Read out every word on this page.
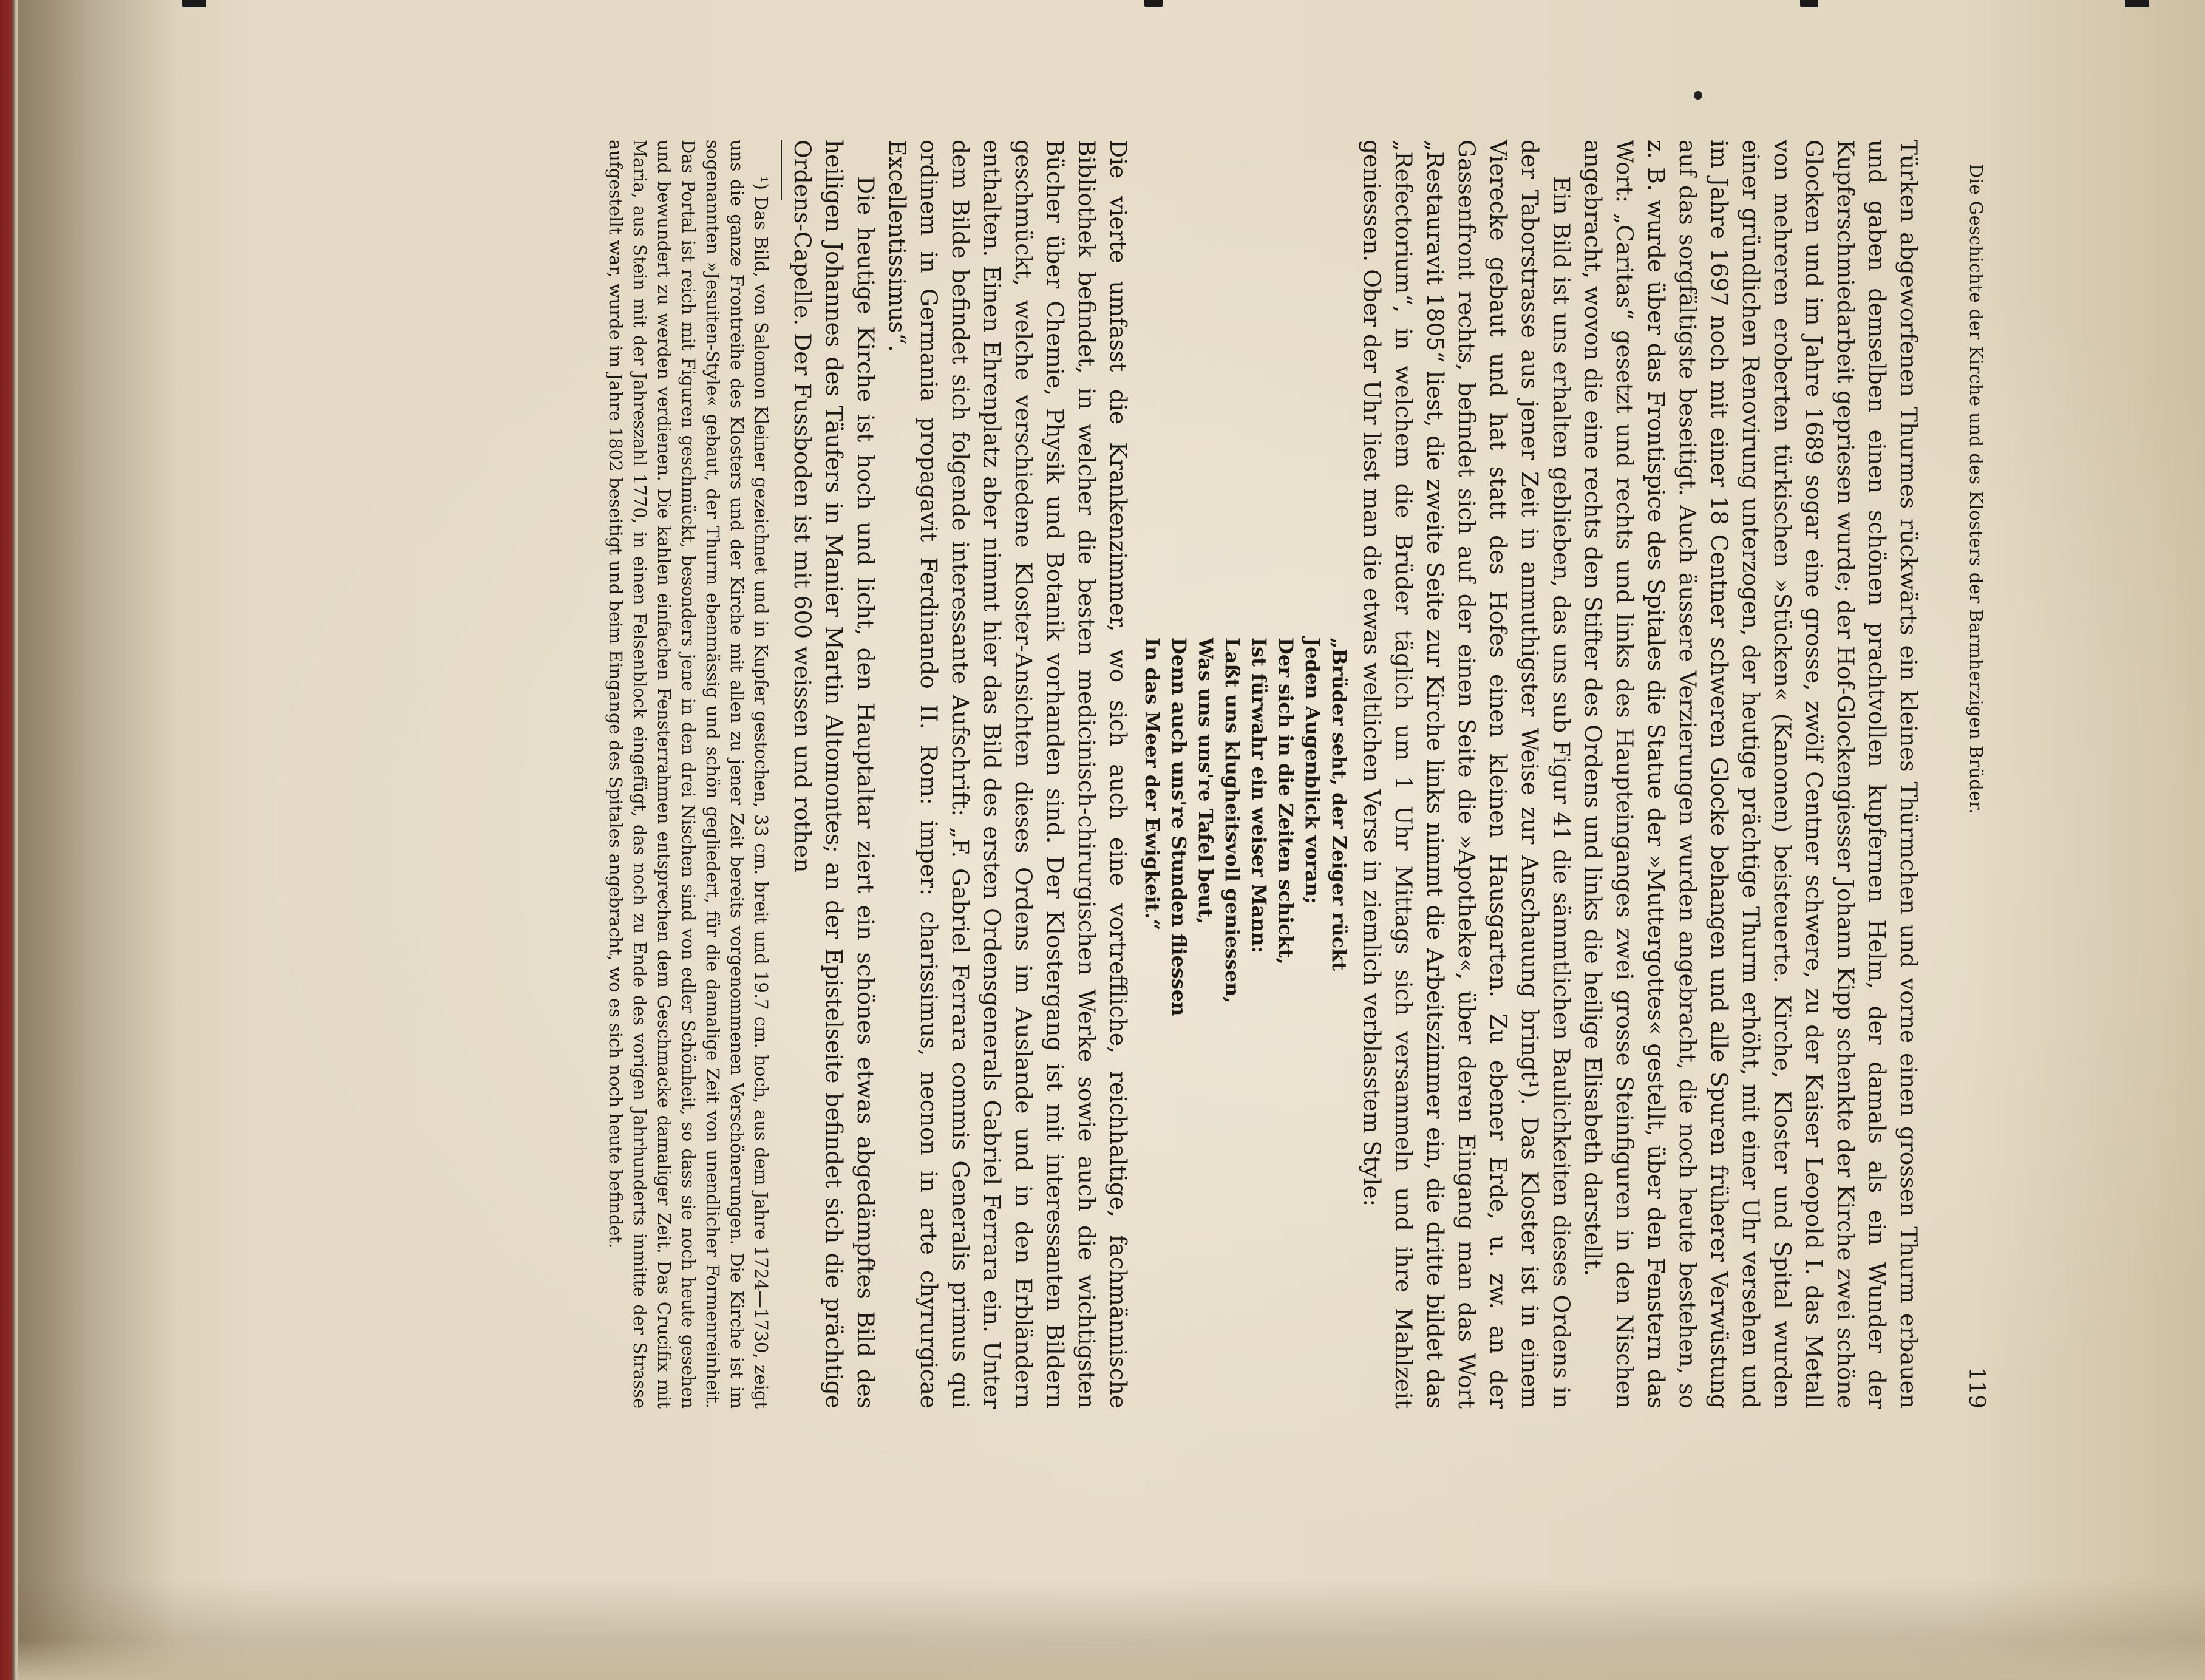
Die Geschichte der Kirche und des Klosters der Barmherzigen Brüder.
119

Türken abgeworfenen Thurmes rückwärts ein kleines Thürmchen und vorne einen grossen Thurm erbauen und gaben demselben einen schönen prachtvollen kupfernen Helm, der damals als ein Wunder der Kupferschmiedarbeit gepriesen wurde; der Hof-Glockengiesser Johann Kipp schenkte der Kirche zwei schöne Glocken und im Jahre 1689 sogar eine grosse, zwölf Centner schwere, zu der Kaiser Leopold I. das Metall von mehreren eroberten türkischen »Stücken« (Kanonen) beisteuerte. Kirche, Kloster und Spital wurden einer gründlichen Renovirung unterzogen, der heutige prächtige Thurm erhöht, mit einer Uhr versehen und im Jahre 1697 noch mit einer 18 Centner schweren Glocke behangen und alle Spuren früherer Verwüstung auf das sorgfältigste beseitigt. Auch äussere Verzierungen wurden angebracht, die noch heute bestehen, so z. B. wurde über das Frontispice des Spitales die Statue der »Muttergottes« gestellt, über den Fenstern das Wort: „Caritas“ gesetzt und rechts und links des Haupteinganges zwei grosse Steinfiguren in den Nischen angebracht, wovon die eine rechts den Stifter des Ordens und links die heilige Elisabeth darstellt.

Ein Bild ist uns erhalten geblieben, das uns sub Figur 41 die sämmtlichen Baulichkeiten dieses Ordens in der Taborstrasse aus jener Zeit in anmuthigster Weise zur Anschauung bringt¹). Das Kloster ist in einem Vierecke gebaut und hat statt des Hofes einen kleinen Hausgarten. Zu ebener Erde, u. zw. an der Gassenfront rechts, befindet sich auf der einen Seite die »Apotheke«, über deren Eingang man das Wort „Restauravit 1805“ liest, die zweite Seite zur Kirche links nimmt die Arbeitszimmer ein, die dritte bildet das „Refectorium“, in welchem die Brüder täglich um 1 Uhr Mittags sich versammeln und ihre Mahlzeit geniessen. Ober der Uhr liest man die etwas weltlichen Verse in ziemlich verblasstem Style:

„Brüder seht, der Zeiger rückt
Jeden Augenblick voran;
Der sich in die Zeiten schickt,
Ist fürwahr ein weiser Mann:
Laßt uns klugheitsvoll geniessen,
Was uns uns're Tafel beut,
Denn auch uns're Stunden fliessen
In das Meer der Ewigkeit.“

Die vierte umfasst die Krankenzimmer, wo sich auch eine vortreffliche, reichhaltige, fachmännische Bibliothek befindet, in welcher die besten medicinisch-chirurgischen Werke sowie auch die wichtigsten Bücher über Chemie, Physik und Botanik vorhanden sind. Der Klostergang ist mit interessanten Bildern geschmückt, welche verschiedene Kloster-Ansichten dieses Ordens im Auslande und in den Erbländern enthalten. Einen Ehrenplatz aber nimmt hier das Bild des ersten Ordensgenerals Gabriel Ferrara ein. Unter dem Bilde befindet sich folgende interessante Aufschrift: „F. Gabriel Ferrara commis Generalis primus qui ordinem in Germania propagavit Ferdinando II. Rom: imper: charissimus, necnon in arte chyrurgicae Excellentissimus“.

Die heutige Kirche ist hoch und licht, den Hauptaltar ziert ein schönes etwas abgedämpftes Bild des heiligen Johannes des Täufers in Manier Martin Altomontes; an der Epistelseite befindet sich die prächtige Ordens-Capelle. Der Fussboden ist mit 600 weissen und rothen

¹) Das Bild, von Salomon Kleiner gezeichnet und in Kupfer gestochen, 33 cm. breit und 19.7 cm. hoch, aus dem Jahre 1724—1730, zeigt uns die ganze Frontreihe des Klosters und der Kirche mit allen zu jener Zeit bereits vorgenommenen Verschönerungen. Die Kirche ist im sogenannten »Jesuiten-Style« gebaut, der Thurm ebenmässig und schön gegliedert, für die damalige Zeit von unendlicher Formenreinheit. Das Portal ist reich mit Figuren geschmückt, besonders jene in den drei Nischen sind von edler Schönheit, so dass sie noch heute gesehen und bewundert zu werden verdienen. Die kahlen einfachen Fensterrahmen entsprechen dem Geschmacke damaliger Zeit. Das Crucifix mit Maria, aus Stein mit der Jahreszahl 1770, in einen Felsenblock eingefügt, das noch zu Ende des vorigen Jahrhunderts inmitte der Strasse aufgestellt war, wurde im Jahre 1802 beseitigt und beim Eingange des Spitales angebracht, wo es sich noch heute befindet.
